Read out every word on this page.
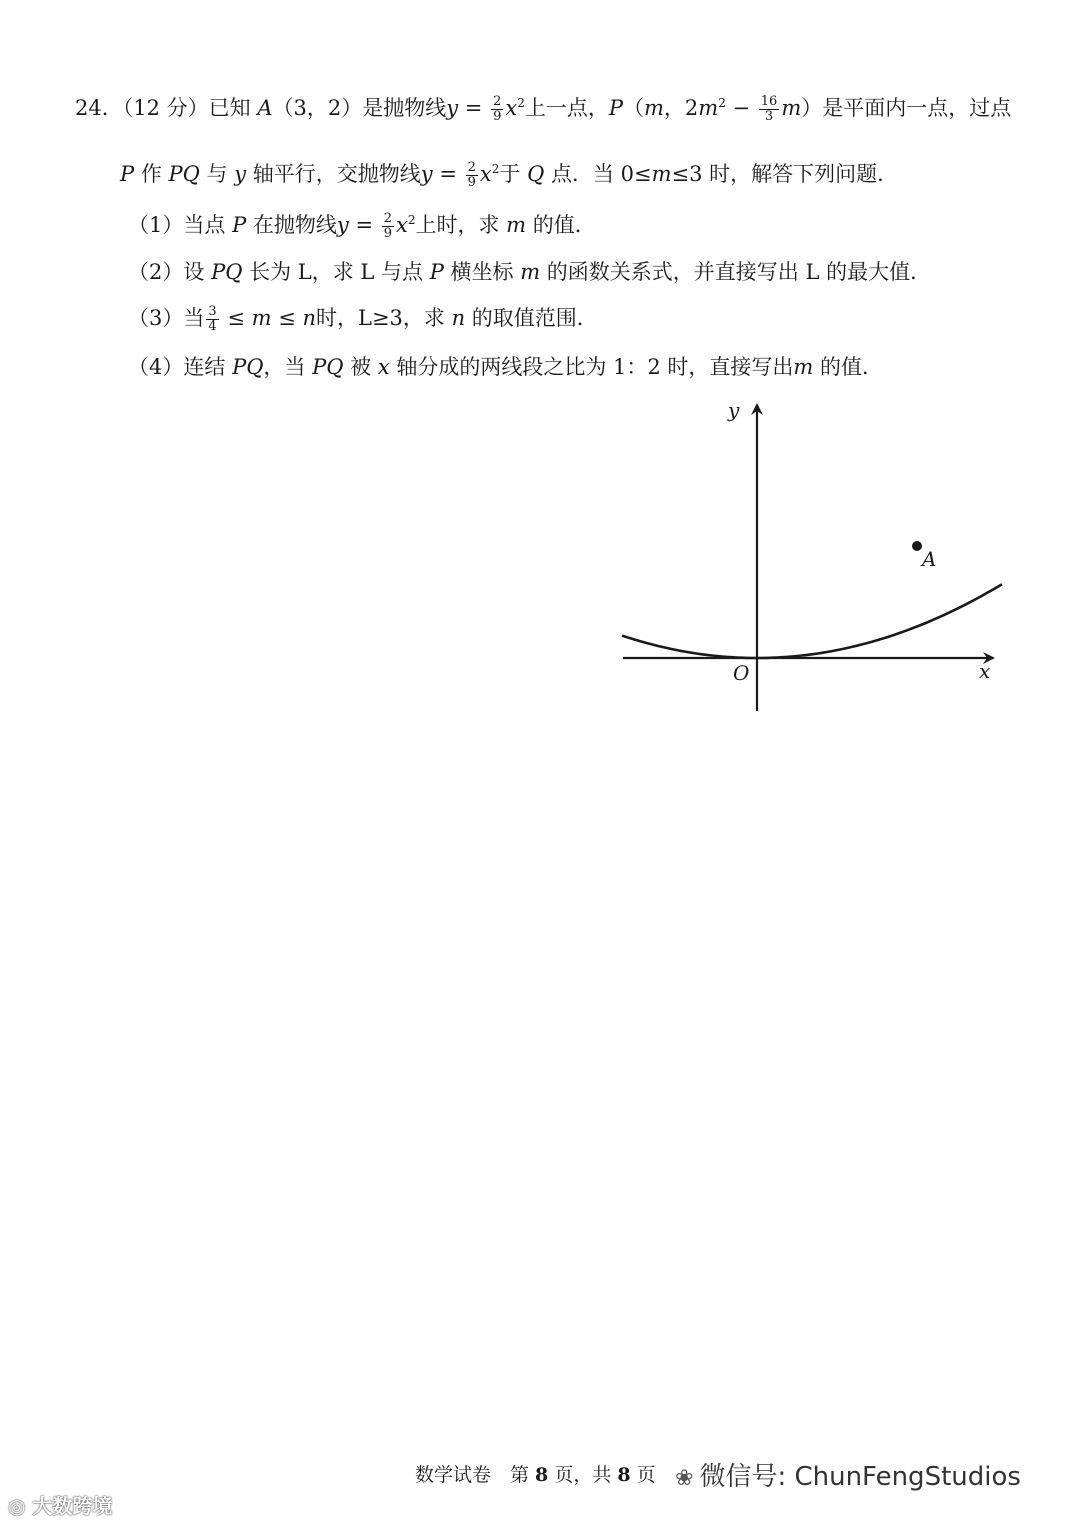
24．（12 分）已知 A（3，2）是抛物线$y = \frac{2}{9} x^2$上一点，P（m，$2m^2 - \frac{16}{3} m$）是平面内一点，过点
P 作 PQ 与 y 轴平行，交抛物线$y = \frac{2}{9} x^2$于 Q 点．当 0≤m≤3 时，解答下列问题．
（1）当点 P 在抛物线$y = \frac{2}{9} x^2$上时，求 m 的值．
（2）设 PQ 长为 L，求 L 与点 P 横坐标 m 的函数关系式，并直接写出 L 的最大值．
（3）当 $\frac{3}{4} \le m \le n$时，L≥3，求 n 的取值范围．
（4）连结 PQ，当 PQ 被 x 轴分成的两线段之比为 1：2 时，直接写出m 的值．
A
y
x
O
数学试卷　第 8 页，共 8 页 ❀ 微信号: ChunFengStudios
◎ 大数跨境
